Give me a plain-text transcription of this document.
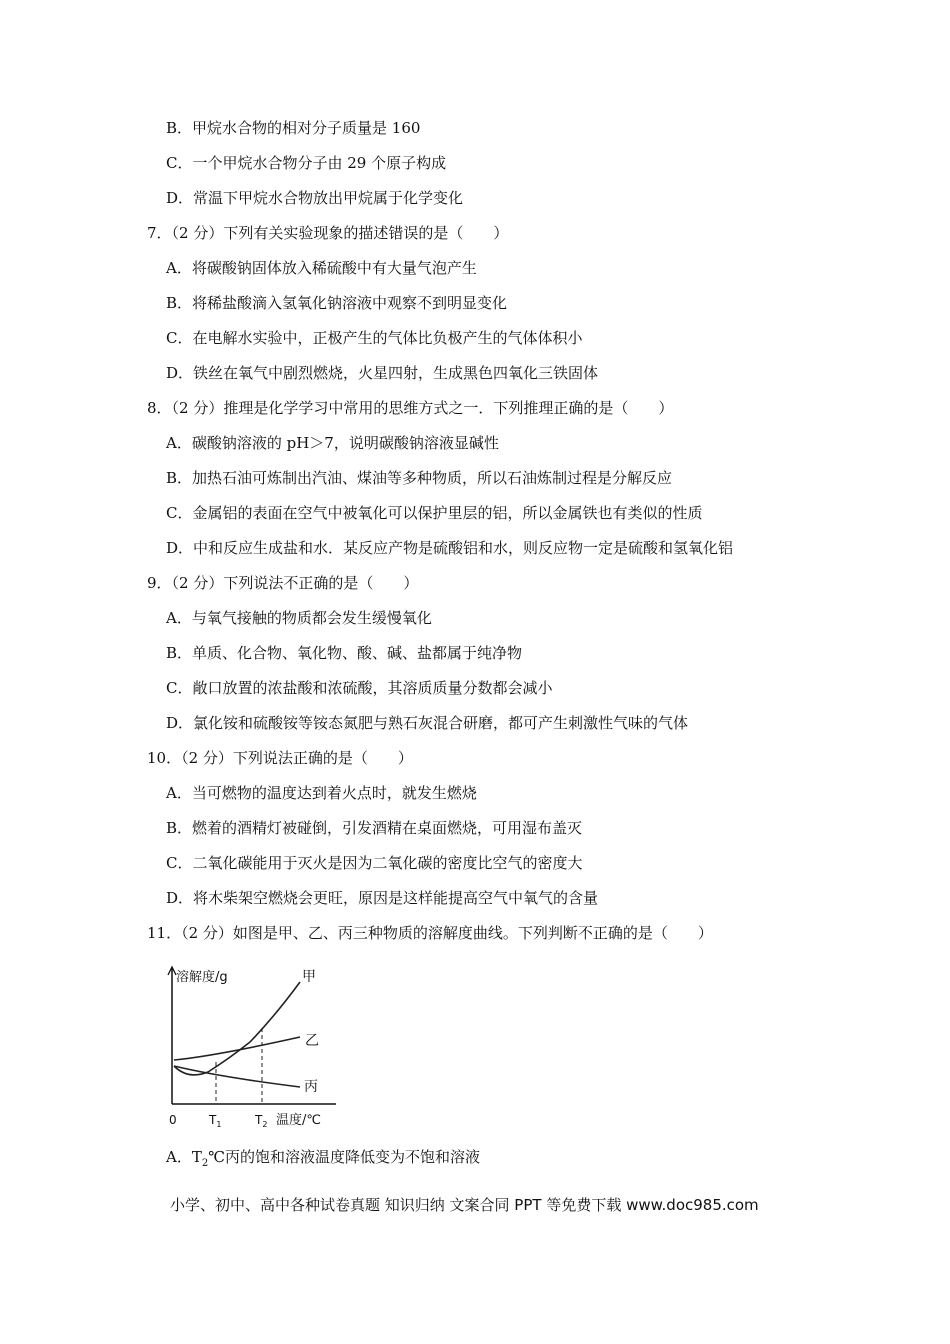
B．甲烷水合物的相对分子质量是 160
C．一个甲烷水合物分子由 29 个原子构成
D．常温下甲烷水合物放出甲烷属于化学变化
7．（2 分）下列有关实验现象的描述错误的是（　　）
A．将碳酸钠固体放入稀硫酸中有大量气泡产生
B．将稀盐酸滴入氢氧化钠溶液中观察不到明显变化
C．在电解水实验中，正极产生的气体比负极产生的气体体积小
D．铁丝在氧气中剧烈燃烧，火星四射，生成黑色四氧化三铁固体
8．（2 分）推理是化学学习中常用的思维方式之一．下列推理正确的是（　　）
A．碳酸钠溶液的 pH＞7，说明碳酸钠溶液显碱性
B．加热石油可炼制出汽油、煤油等多种物质，所以石油炼制过程是分解反应
C．金属铝的表面在空气中被氧化可以保护里层的铝，所以金属铁也有类似的性质
D．中和反应生成盐和水．某反应产物是硫酸铝和水，则反应物一定是硫酸和氢氧化铝
9．（2 分）下列说法不正确的是（　　）
A．与氧气接触的物质都会发生缓慢氧化
B．单质、化合物、氧化物、酸、碱、盐都属于纯净物
C．敞口放置的浓盐酸和浓硫酸，其溶质质量分数都会减小
D．氯化铵和硫酸铵等铵态氮肥与熟石灰混合研磨，都可产生刺激性气味的气体
10．（2 分）下列说法正确的是（　　）
A．当可燃物的温度达到着火点时，就发生燃烧
B．燃着的酒精灯被碰倒，引发酒精在桌面燃烧，可用湿布盖灭
C．二氧化碳能用于灭火是因为二氧化碳的密度比空气的密度大
D．将木柴架空燃烧会更旺，原因是这样能提高空气中氧气的含量
11．（2 分）如图是甲、乙、丙三种物质的溶解度曲线。下列判断不正确的是（　　）
溶解度/g	甲
乙
丙
0	$T_1$	$T_2$ 温度/℃
A．$T_2℃$丙的饱和溶液温度降低变为不饱和溶液
小学、初中、高中各种试卷真题 知识归纳 文案合同 PPT 等免费下载 www.doc985.com
